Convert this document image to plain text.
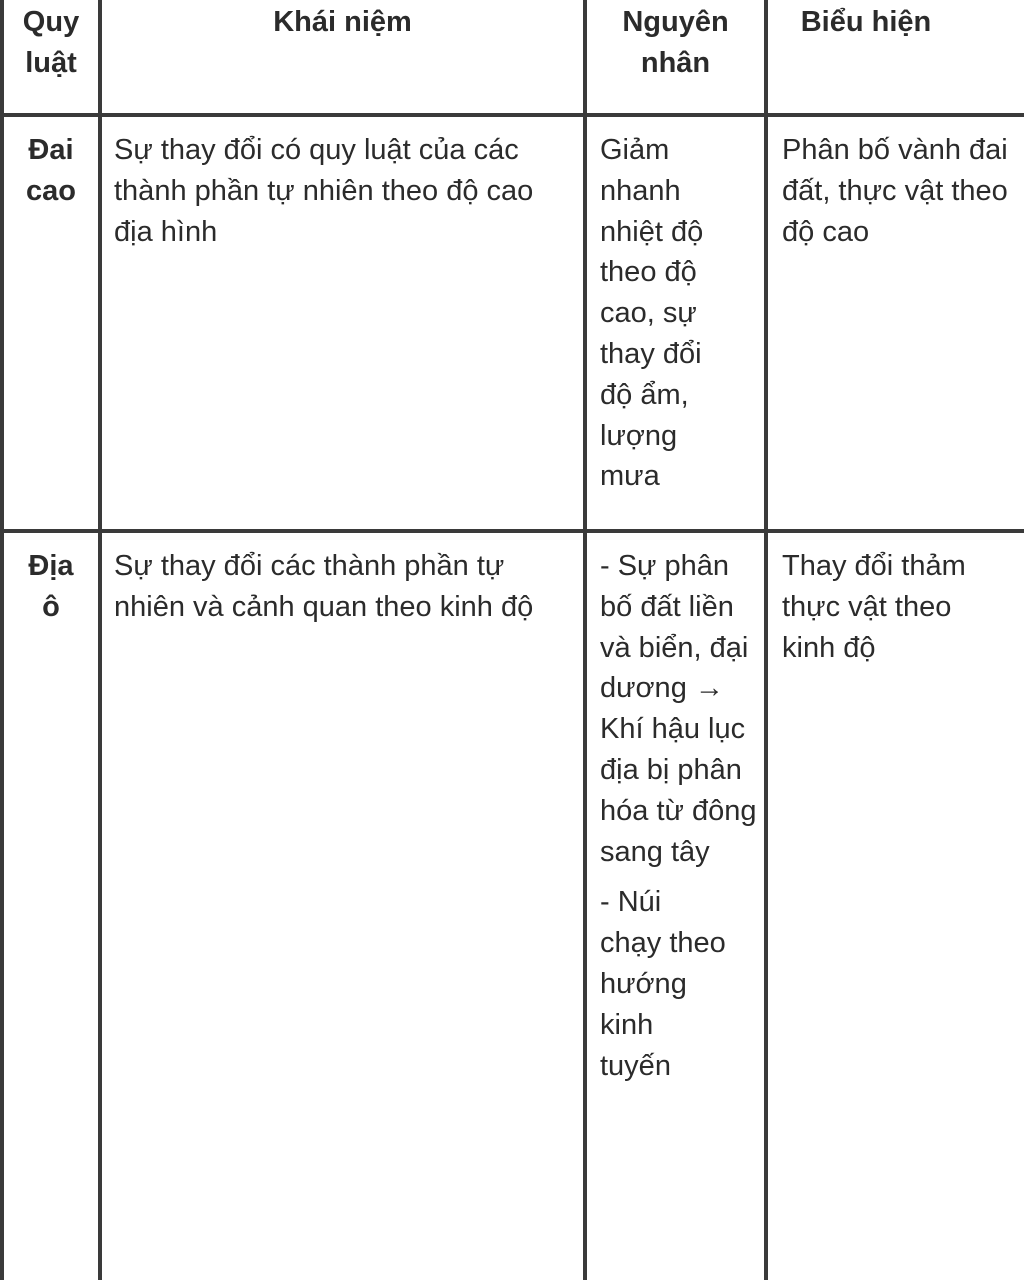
Quy luật
Khái niệm	Nguyên nhân
Biểu hiện
Đai cao
Sự thay đổi có quy luật của các thành phần tự nhiên theo độ cao địa hình

Giảm nhanh nhiệt độ theo độ cao, sự thay đổi độ ẩm, lượng mưa

Phân bố vành đai đất, thực vật theo độ cao
Địa ô
Sự thay đổi các thành phần tự nhiên và cảnh quan theo kinh độ

- Sự phân bố đất liền và biển, đại dương → Khí hậu lục địa bị phân hóa từ đông sang tây

- Núi chạy theo hướng kinh tuyến

Thay đổi thảm thực vật theo kinh độ
